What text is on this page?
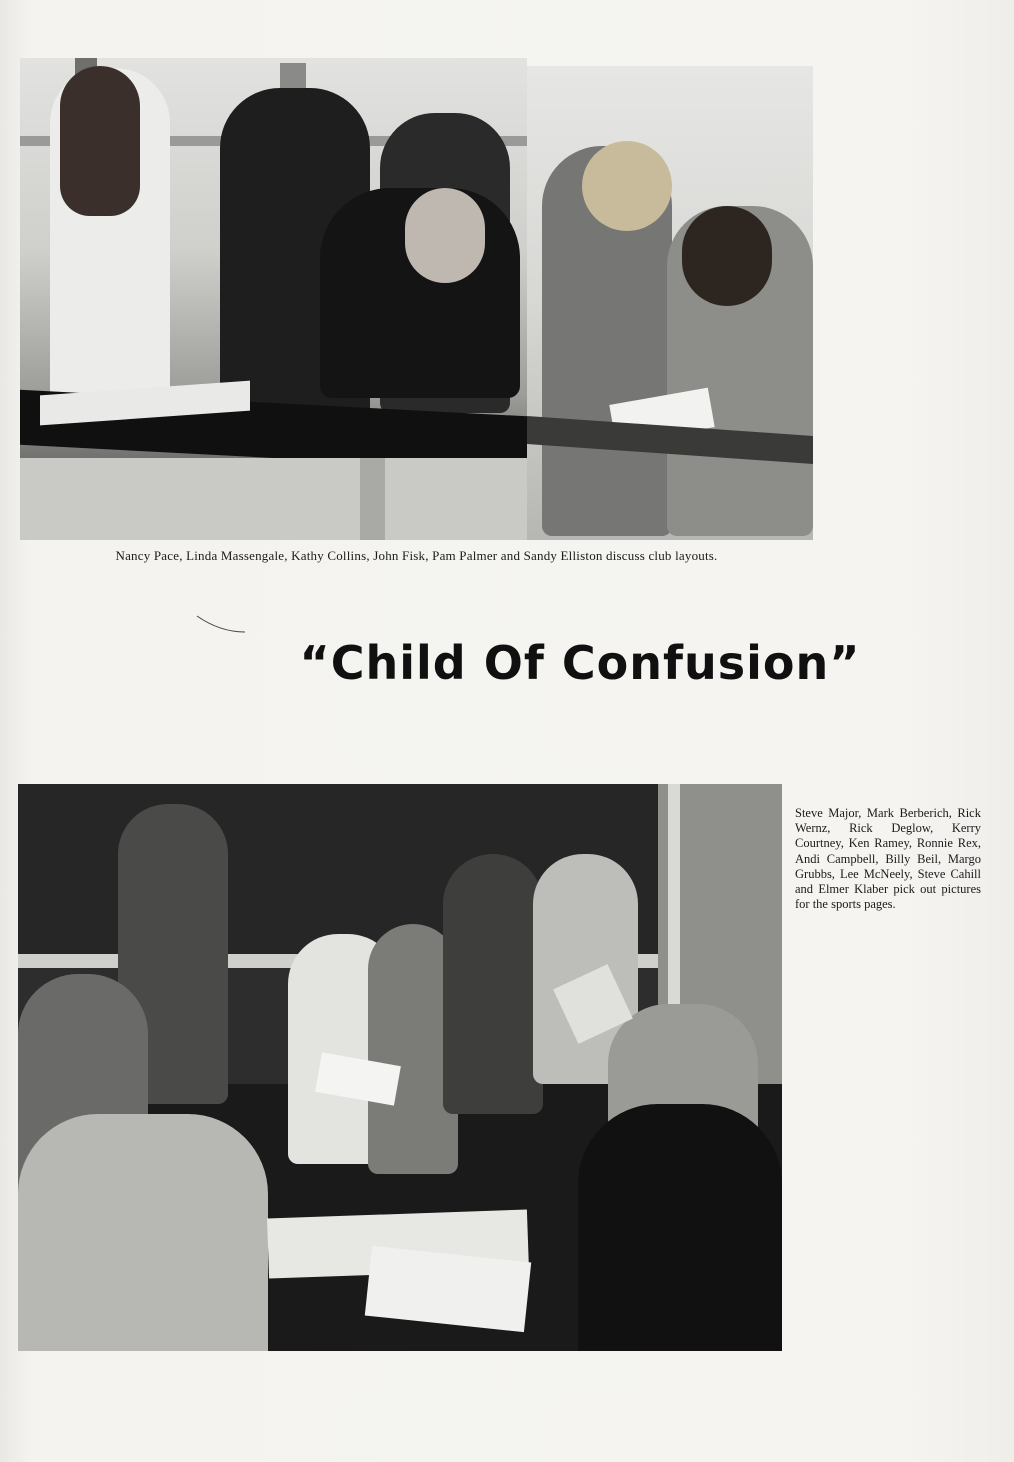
Nancy Pace, Linda Massengale, Kathy Collins, John Fisk, Pam Palmer and Sandy Elliston discuss club layouts.

“Child Of Confusion”

Steve Major, Mark Berberich, Rick Wernz, Rick Deglow, Kerry Courtney, Ken Ramey, Ronnie Rex, Andi Campbell, Billy Beil, Margo Grubbs, Lee McNeely, Steve Cahill and Elmer Klaber pick out pictures for the sports pages.
